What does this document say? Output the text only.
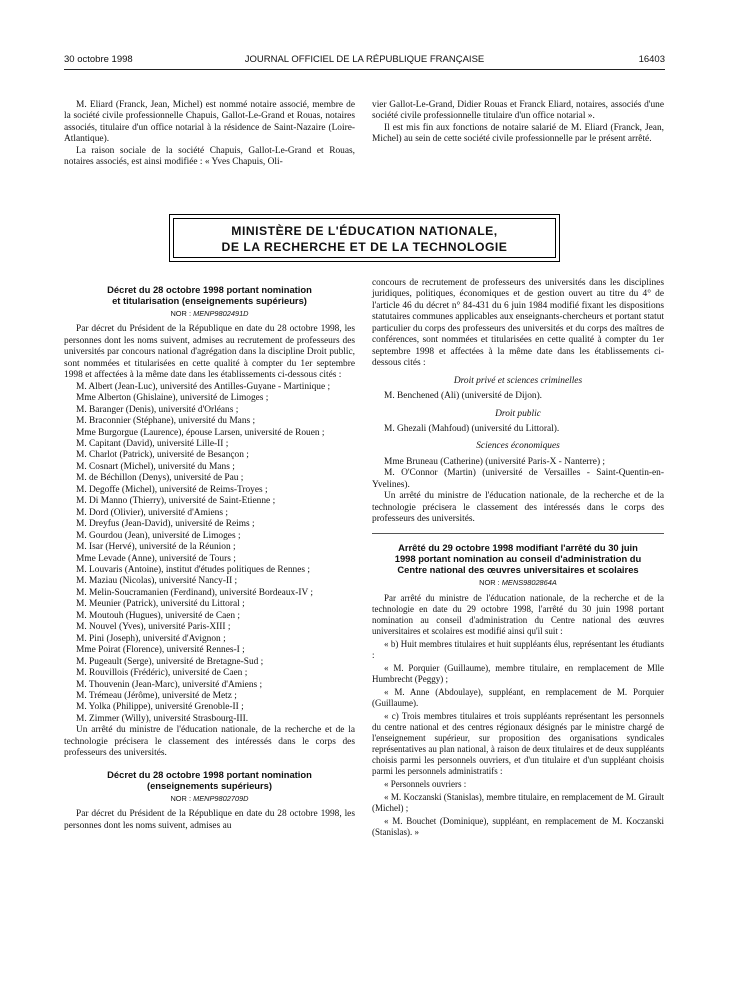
30 octobre 1998	JOURNAL OFFICIEL DE LA RÉPUBLIQUE FRANÇAISE	16403

M. Eliard (Franck, Jean, Michel) est nommé notaire associé, membre de la société civile professionnelle Chapuis, Gallot-Le-Grand et Rouas, notaires associés, titulaire d'un office notarial à la résidence de Saint-Nazaire (Loire-Atlantique).

La raison sociale de la société Chapuis, Gallot-Le-Grand et Rouas, notaires associés, est ainsi modifiée : « Yves Chapuis, Oli-

vier Gallot-Le-Grand, Didier Rouas et Franck Eliard, notaires, associés d'une société civile professionnelle titulaire d'un office notarial ».

Il est mis fin aux fonctions de notaire salarié de M. Eliard (Franck, Jean, Michel) au sein de cette société civile professionnelle par le présent arrêté.

MINISTÈRE DE L'ÉDUCATION NATIONALE,
DE LA RECHERCHE ET DE LA TECHNOLOGIE
Décret du 28 octobre 1998 portant nomination
et titularisation (enseignements supérieurs)
NOR : MENP9802491D

Par décret du Président de la République en date du 28 octobre 1998, les personnes dont les noms suivent, admises au recrutement de professeurs des universités par concours national d'agrégation dans la discipline Droit public, sont nommées et titularisées en cette qualité à compter du 1er septembre 1998 et affectées à la même date dans les établissements ci-dessous cités :

M. Albert (Jean-Luc), université des Antilles-Guyane - Martinique ;

Mme Alberton (Ghislaine), université de Limoges ;

M. Baranger (Denis), université d'Orléans ;

M. Braconnier (Stéphane), université du Mans ;

Mme Burgorgue (Laurence), épouse Larsen, université de Rouen ;

M. Capitant (David), université Lille-II ;

M. Charlot (Patrick), université de Besançon ;

M. Cosnart (Michel), université du Mans ;

M. de Béchillon (Denys), université de Pau ;

M. Degoffe (Michel), université de Reims-Troyes ;

M. Di Manno (Thierry), université de Saint-Etienne ;

M. Dord (Olivier), université d'Amiens ;

M. Dreyfus (Jean-David), université de Reims ;

M. Gourdou (Jean), université de Limoges ;

M. Isar (Hervé), université de la Réunion ;

Mme Levade (Anne), université de Tours ;

M. Louvaris (Antoine), institut d'études politiques de Rennes ;

M. Maziau (Nicolas), université Nancy-II ;

M. Melin-Soucramanien (Ferdinand), université Bordeaux-IV ;

M. Meunier (Patrick), université du Littoral ;

M. Moutouh (Hugues), université de Caen ;

M. Nouvel (Yves), université Paris-XIII ;

M. Pini (Joseph), université d'Avignon ;

Mme Poirat (Florence), université Rennes-I ;

M. Pugeault (Serge), université de Bretagne-Sud ;

M. Rouvillois (Frédéric), université de Caen ;

M. Thouvenin (Jean-Marc), université d'Amiens ;

M. Trémeau (Jérôme), université de Metz ;

M. Yolka (Philippe), université Grenoble-II ;

M. Zimmer (Willy), université Strasbourg-III.

Un arrêté du ministre de l'éducation nationale, de la recherche et de la technologie précisera le classement des intéressés dans le corps des professeurs des universités.

Décret du 28 octobre 1998 portant nomination
(enseignements supérieurs)
NOR : MENP9802709D

Par décret du Président de la République en date du 28 octobre 1998, les personnes dont les noms suivent, admises au

concours de recrutement de professeurs des universités dans les disciplines juridiques, politiques, économiques et de gestion ouvert au titre du 4° de l'article 46 du décret n° 84-431 du 6 juin 1984 modifié fixant les dispositions statutaires communes applicables aux enseignants-chercheurs et portant statut particulier du corps des professeurs des universités et du corps des maîtres de conférences, sont nommées et titularisées en cette qualité à compter du 1er septembre 1998 et affectées à la même date dans les établissements ci-dessous cités :

Droit privé et sciences criminelles

M. Benchened (Ali) (université de Dijon).

Droit public

M. Ghezali (Mahfoud) (université du Littoral).

Sciences économiques

Mme Bruneau (Catherine) (université Paris-X - Nanterre) ;

M. O'Connor (Martin) (université de Versailles - Saint-Quentin-en-Yvelines).

Un arrêté du ministre de l'éducation nationale, de la recherche et de la technologie précisera le classement des intéressés dans le corps des professeurs des universités.

Arrêté du 29 octobre 1998 modifiant l'arrêté du 30 juin
1998 portant nomination au conseil d'administration du
Centre national des œuvres universitaires et scolaires
NOR : MENS9802864A

Par arrêté du ministre de l'éducation nationale, de la recherche et de la technologie en date du 29 octobre 1998, l'arrêté du 30 juin 1998 portant nomination au conseil d'administration du Centre national des œuvres universitaires et scolaires est modifié ainsi qu'il suit :

« b) Huit membres titulaires et huit suppléants élus, représentant les étudiants :

« M. Porquier (Guillaume), membre titulaire, en remplacement de Mlle Humbrecht (Peggy) ;

« M. Anne (Abdoulaye), suppléant, en remplacement de M. Porquier (Guillaume).

« c) Trois membres titulaires et trois suppléants représentant les personnels du centre national et des centres régionaux désignés par le ministre chargé de l'enseignement supérieur, sur proposition des organisations syndicales représentatives au plan national, à raison de deux titulaires et de deux suppléants choisis parmi les personnels ouvriers, et d'un titulaire et d'un suppléant choisis parmi les personnels administratifs :

« Personnels ouvriers :

« M. Koczanski (Stanislas), membre titulaire, en remplacement de M. Girault (Michel) ;

« M. Bouchet (Dominique), suppléant, en remplacement de M. Koczanski (Stanislas). »
